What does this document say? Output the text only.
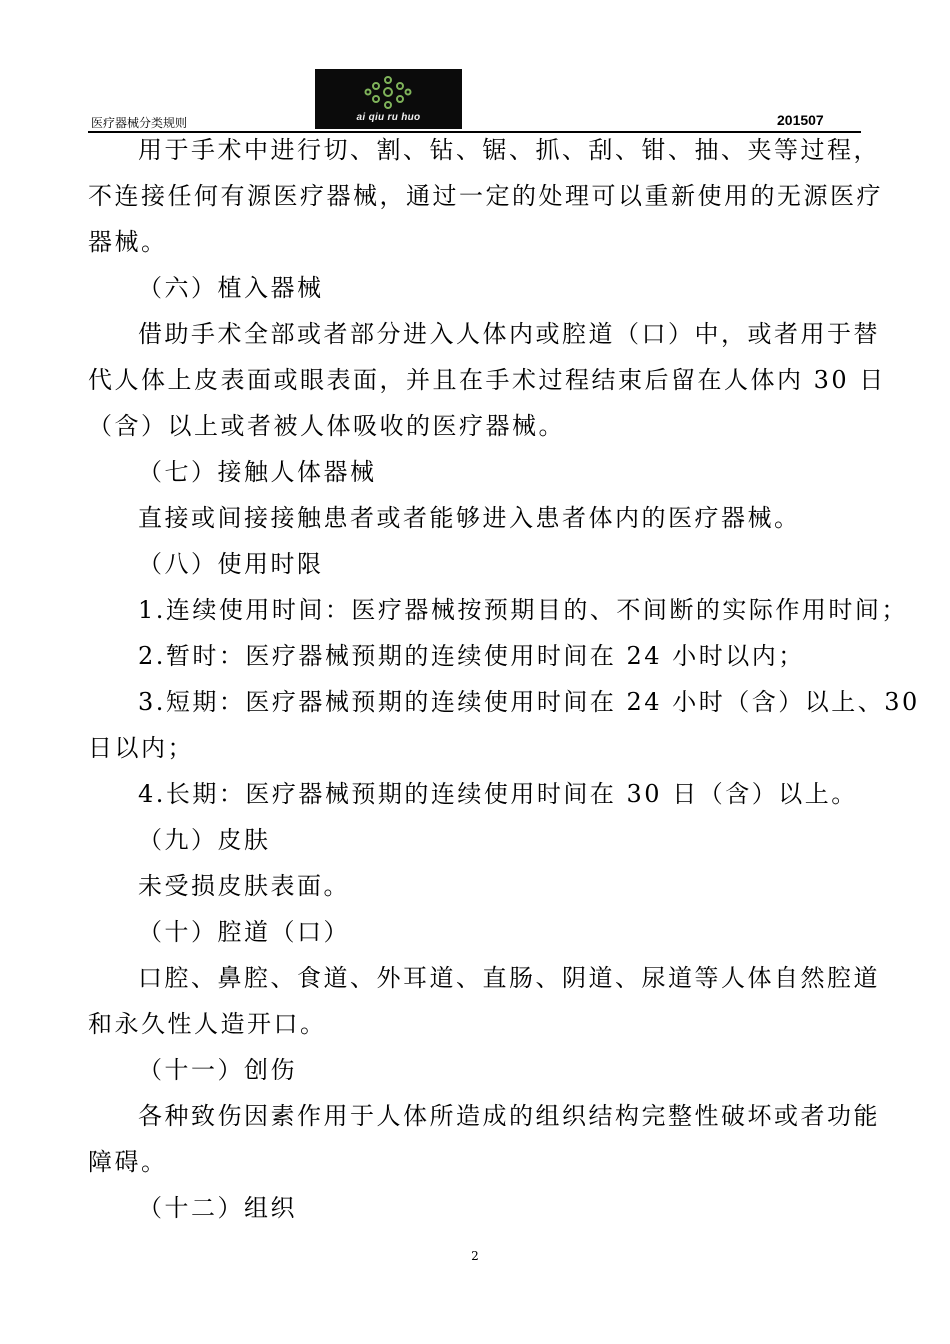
医疗器械分类规则	ai qiu ru huo	201507
用于手术中进行切、割、钻、锯、抓、刮、钳、抽、夹等过程，
不连接任何有源医疗器械，通过一定的处理可以重新使用的无源医疗
器械。
（六）植入器械
借助手术全部或者部分进入人体内或腔道（口）中，或者用于替
代人体上皮表面或眼表面，并且在手术过程结束后留在人体内 30 日
（含）以上或者被人体吸收的医疗器械。
（七）接触人体器械
直接或间接接触患者或者能够进入患者体内的医疗器械。
（八）使用时限
1.连续使用时间：医疗器械按预期目的、不间断的实际作用时间；
2.暂时：医疗器械预期的连续使用时间在 24 小时以内；
3.短期：医疗器械预期的连续使用时间在 24 小时（含）以上、30
日以内；
4.长期：医疗器械预期的连续使用时间在 30 日（含）以上。
（九）皮肤
未受损皮肤表面。
（十）腔道（口）
口腔、鼻腔、食道、外耳道、直肠、阴道、尿道等人体自然腔道
和永久性人造开口。
（十一）创伤
各种致伤因素作用于人体所造成的组织结构完整性破坏或者功能
障碍。
（十二）组织
2
